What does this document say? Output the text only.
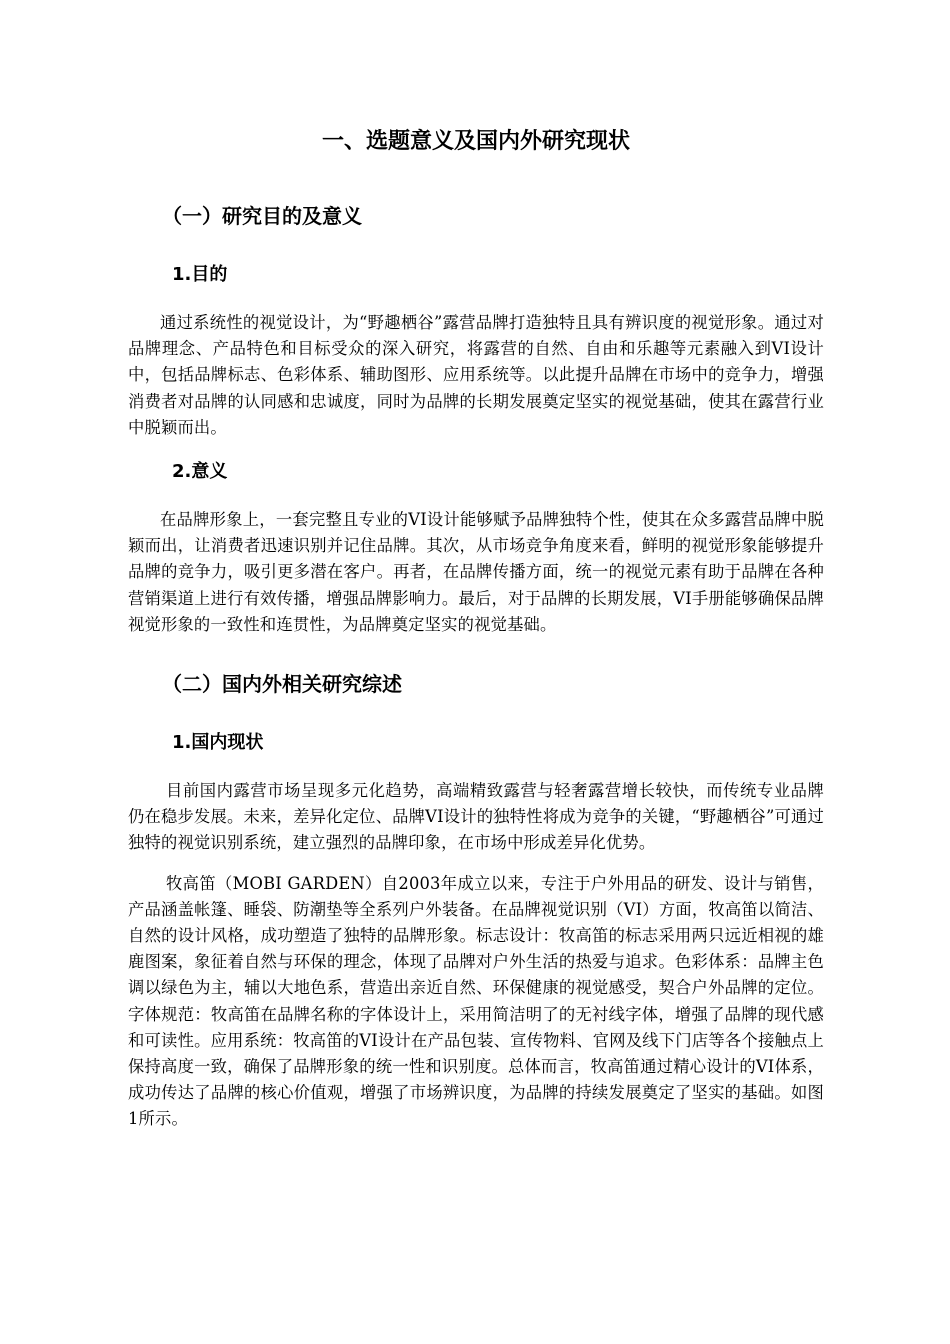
一、选题意义及国内外研究现状
（一）研究目的及意义
1.目的
通过系统性的视觉设计，为“野趣栖谷”露营品牌打造独特且具有辨识度的视觉形象。通过对品牌理念、产品特色和目标受众的深入研究，将露营的自然、自由和乐趣等元素融入到VI设计中，包括品牌标志、色彩体系、辅助图形、应用系统等。以此提升品牌在市场中的竞争力，增强消费者对品牌的认同感和忠诚度，同时为品牌的长期发展奠定坚实的视觉基础，使其在露营行业中脱颖而出。
2.意义
在品牌形象上，一套完整且专业的VI设计能够赋予品牌独特个性，使其在众多露营品牌中脱颖而出，让消费者迅速识别并记住品牌。其次，从市场竞争角度来看，鲜明的视觉形象能够提升品牌的竞争力，吸引更多潜在客户。再者，在品牌传播方面，统一的视觉元素有助于品牌在各种营销渠道上进行有效传播，增强品牌影响力。最后，对于品牌的长期发展，VI手册能够确保品牌视觉形象的一致性和连贯性，为品牌奠定坚实的视觉基础。
（二）国内外相关研究综述
1.国内现状
目前国内露营市场呈现多元化趋势，高端精致露营与轻奢露营增长较快，而传统专业品牌仍在稳步发展。未来，差异化定位、品牌VI设计的独特性将成为竞争的关键，“野趣栖谷”可通过独特的视觉识别系统，建立强烈的品牌印象，在市场中形成差异化优势。
牧高笛（MOBI GARDEN）自2003年成立以来，专注于户外用品的研发、设计与销售，产品涵盖帐篷、睡袋、防潮垫等全系列户外装备。在品牌视觉识别（VI）方面，牧高笛以简洁、自然的设计风格，成功塑造了独特的品牌形象。标志设计：牧高笛的标志采用两只远近相视的雄鹿图案，象征着自然与环保的理念，体现了品牌对户外生活的热爱与追求。色彩体系：品牌主色调以绿色为主，辅以大地色系，营造出亲近自然、环保健康的视觉感受，契合户外品牌的定位。字体规范：牧高笛在品牌名称的字体设计上，采用简洁明了的无衬线字体，增强了品牌的现代感和可读性。应用系统：牧高笛的VI设计在产品包装、宣传物料、官网及线下门店等各个接触点上保持高度一致，确保了品牌形象的统一性和识别度。总体而言，牧高笛通过精心设计的VI体系，成功传达了品牌的核心价值观，增强了市场辨识度，为品牌的持续发展奠定了坚实的基础。如图1所示。
